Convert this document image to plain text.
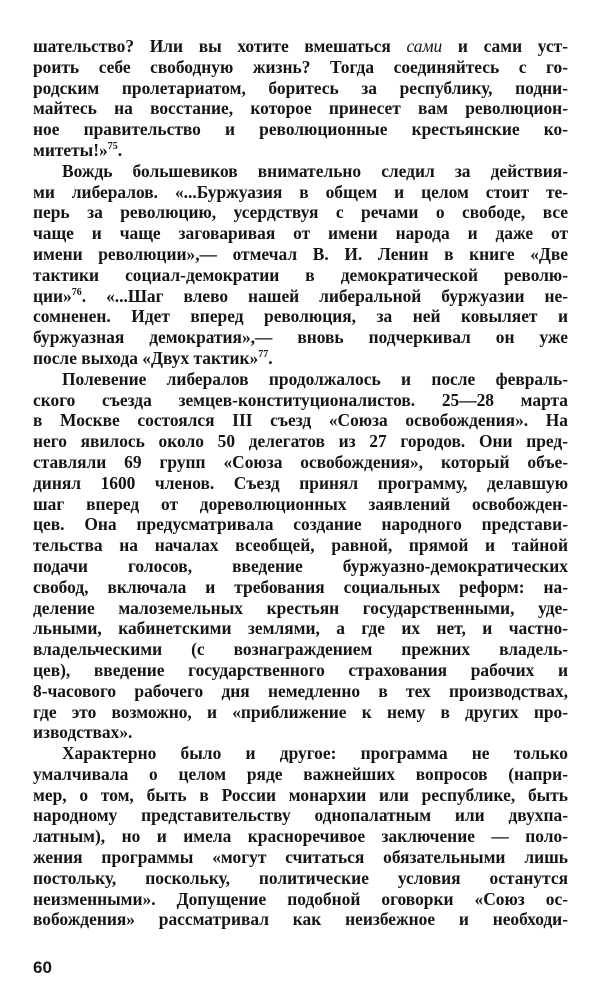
шательство? Или вы хотите вмешаться сами и сами уст-
роить себе свободную жизнь? Тогда соединяйтесь с го-
родским пролетариатом, боритесь за республику, подни-
майтесь на восстание, которое принесет вам революцион-
ное правительство и революционные крестьянские ко-
митеты!»$^{75}$.
Вождь большевиков внимательно следил за действия-
ми либералов. «...Буржуазия в общем и целом стоит те-
перь за революцию, усердствуя с речами о свободе, все
чаще и чаще заговаривая от имени народа и даже от
имени революции»,— отмечал В. И. Ленин в книге «Две
тактики социал-демократии в демократической револю-
ции»$^{76}$. «...Шаг влево нашей либеральной буржуазии не-
сомненен. Идет вперед революция, за ней ковыляет и
буржуазная демократия»,— вновь подчеркивал он уже
после выхода «Двух тактик»$^{77}$.
Полевение либералов продолжалось и после февраль-
ского съезда земцев-конституционалистов. 25—28 марта
в Москве состоялся III съезд «Союза освобождения». На
него явилось около 50 делегатов из 27 городов. Они пред-
ставляли 69 групп «Союза освобождения», который объе-
динял 1600 членов. Съезд принял программу, делавшую
шаг вперед от дореволюционных заявлений освобожден-
цев. Она предусматривала создание народного представи-
тельства на началах всеобщей, равной, прямой и тайной
подачи голосов, введение буржуазно-демократических
свобод, включала и требования социальных реформ: на-
деление малоземельных крестьян государственными, уде-
льными, кабинетскими землями, а где их нет, и частно-
владельческими (с вознаграждением прежних владель-
цев), введение государственного страхования рабочих и
8-часового рабочего дня немедленно в тех производствах,
где это возможно, и «приближение к нему в других про-
изводствах».
Характерно было и другое: программа не только
умалчивала о целом ряде важнейших вопросов (напри-
мер, о том, быть в России монархии или республике, быть
народному представительству однопалатным или двухпа-
латным), но и имела красноречивое заключение — поло-
жения программы «могут считаться обязательными лишь
постольку, поскольку, политические условия останутся
неизменными». Допущение подобной оговорки «Союз ос-
вобождения» рассматривал как неизбежное и необходи-
60
